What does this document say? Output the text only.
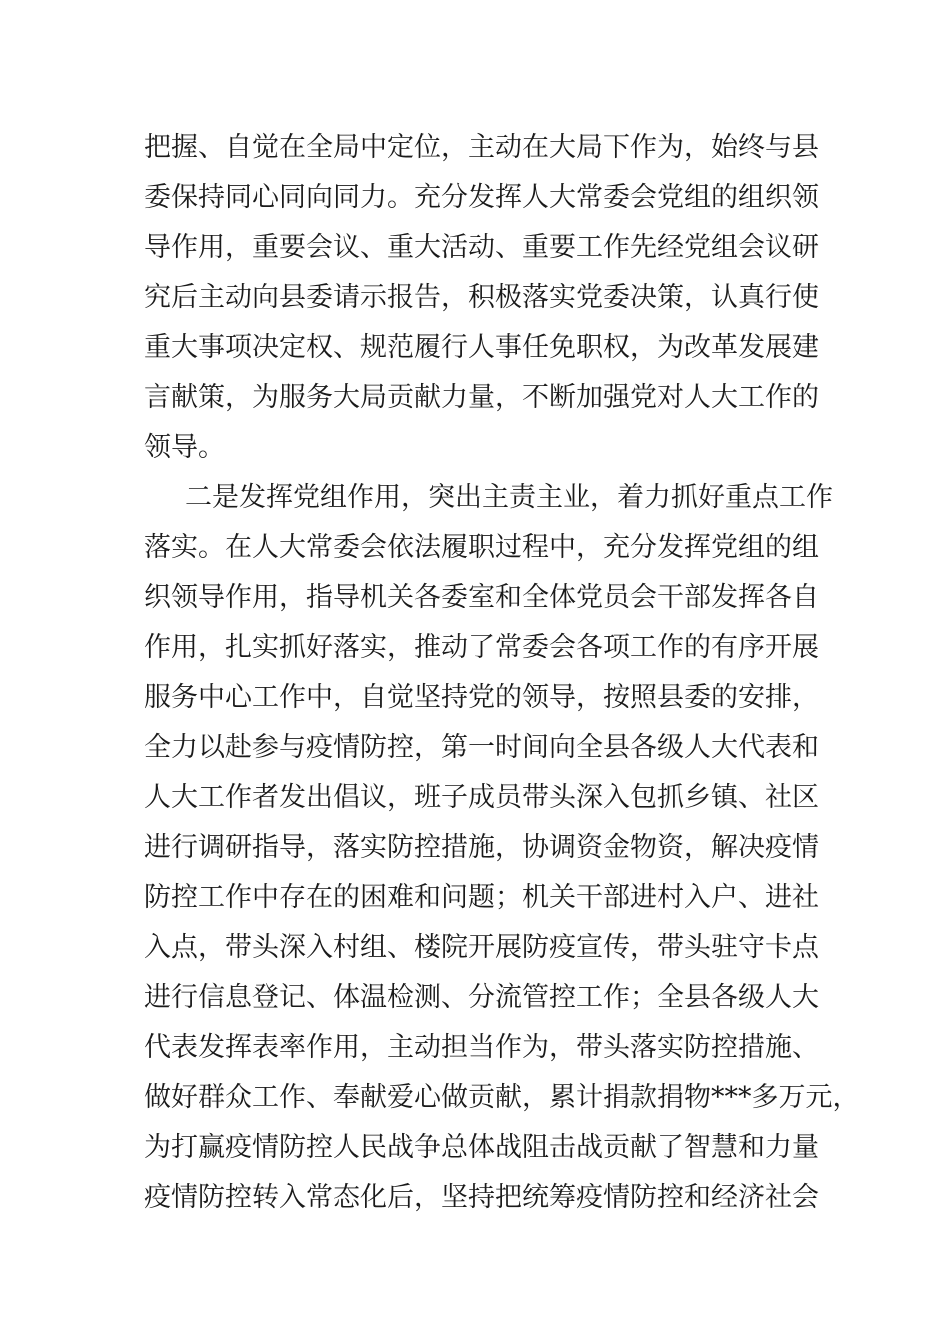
把握、自觉在全局中定位，主动在大局下作为，始终与县
委保持同心同向同力。充分发挥人大常委会党组的组织领
导作用，重要会议、重大活动、重要工作先经党组会议研
究后主动向县委请示报告，积极落实党委决策，认真行使
重大事项决定权、规范履行人事任免职权，为改革发展建
言献策，为服务大局贡献力量，不断加强党对人大工作的
领导。
二是发挥党组作用，突出主责主业，着力抓好重点工作
落实。在人大常委会依法履职过程中，充分发挥党组的组
织领导作用，指导机关各委室和全体党员会干部发挥各自
作用，扎实抓好落实，推动了常委会各项工作的有序开展
服务中心工作中，自觉坚持党的领导，按照县委的安排，
全力以赴参与疫情防控，第一时间向全县各级人大代表和
人大工作者发出倡议，班子成员带头深入包抓乡镇、社区
进行调研指导，落实防控措施，协调资金物资，解决疫情
防控工作中存在的困难和问题；机关干部进村入户、进社
入点，带头深入村组、楼院开展防疫宣传，带头驻守卡点
进行信息登记、体温检测、分流管控工作；全县各级人大
代表发挥表率作用，主动担当作为，带头落实防控措施、
做好群众工作、奉献爱心做贡献，累计捐款捐物***多万元，
为打赢疫情防控人民战争总体战阻击战贡献了智慧和力量
疫情防控转入常态化后，坚持把统筹疫情防控和经济社会
